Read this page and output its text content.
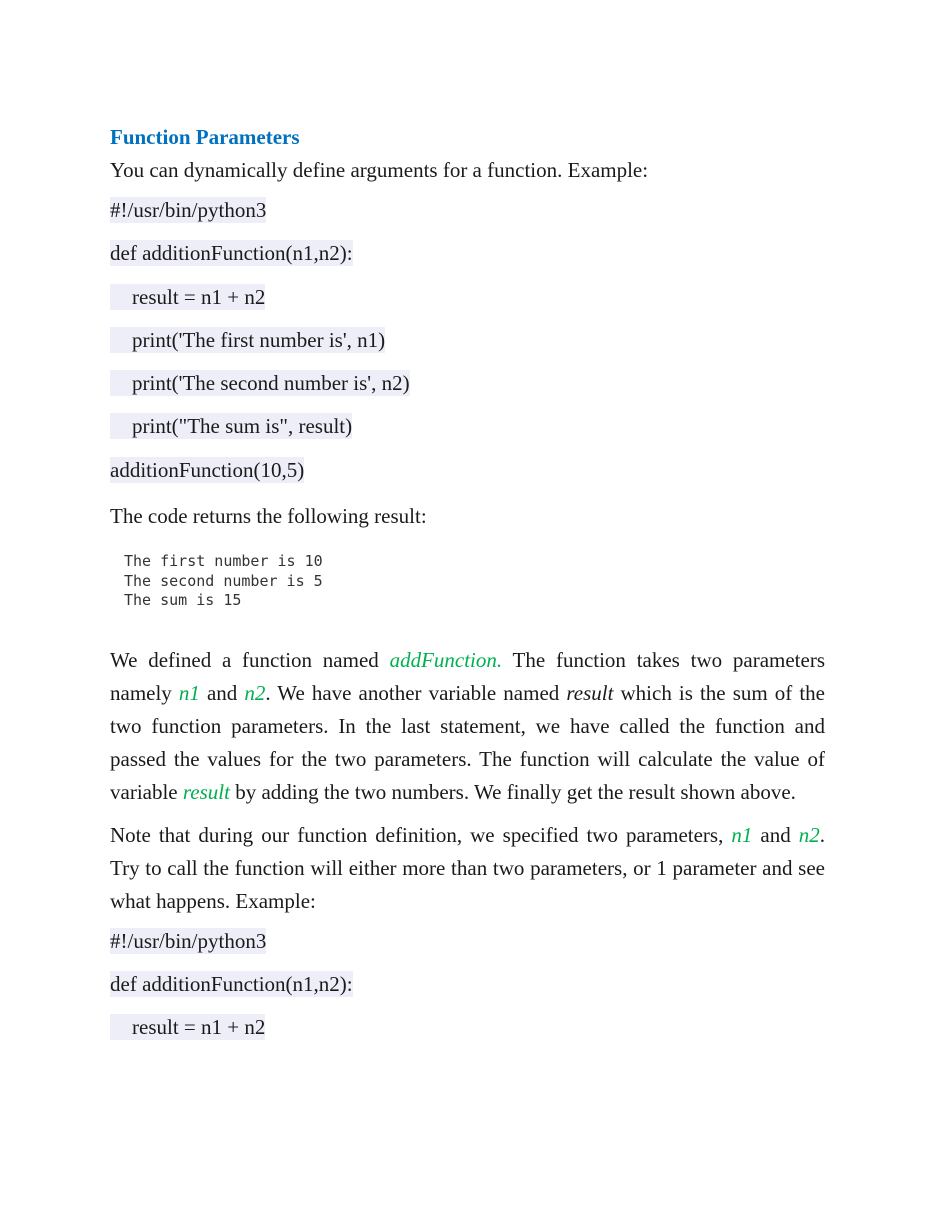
Function Parameters

You can dynamically define arguments for a function. Example:

#!/usr/bin/python3
def additionFunction(n1,n2):
result = n1 + n2
print('The first number is', n1)
print('The second number is', n2)
print("The sum is", result)
additionFunction(10,5)

The code returns the following result:

The first number is 10
The second number is 5
The sum is 15

We defined a function named addFunction. The function takes two parameters namely n1 and n2. We have another variable named result which is the sum of the two function parameters. In the last statement, we have called the function and passed the values for the two parameters. The function will calculate the value of variable result by adding the two numbers. We finally get the result shown above.

Note that during our function definition, we specified two parameters, n1 and n2. Try to call the function will either more than two parameters, or 1 parameter and see what happens. Example:

#!/usr/bin/python3
def additionFunction(n1,n2):
result = n1 + n2
